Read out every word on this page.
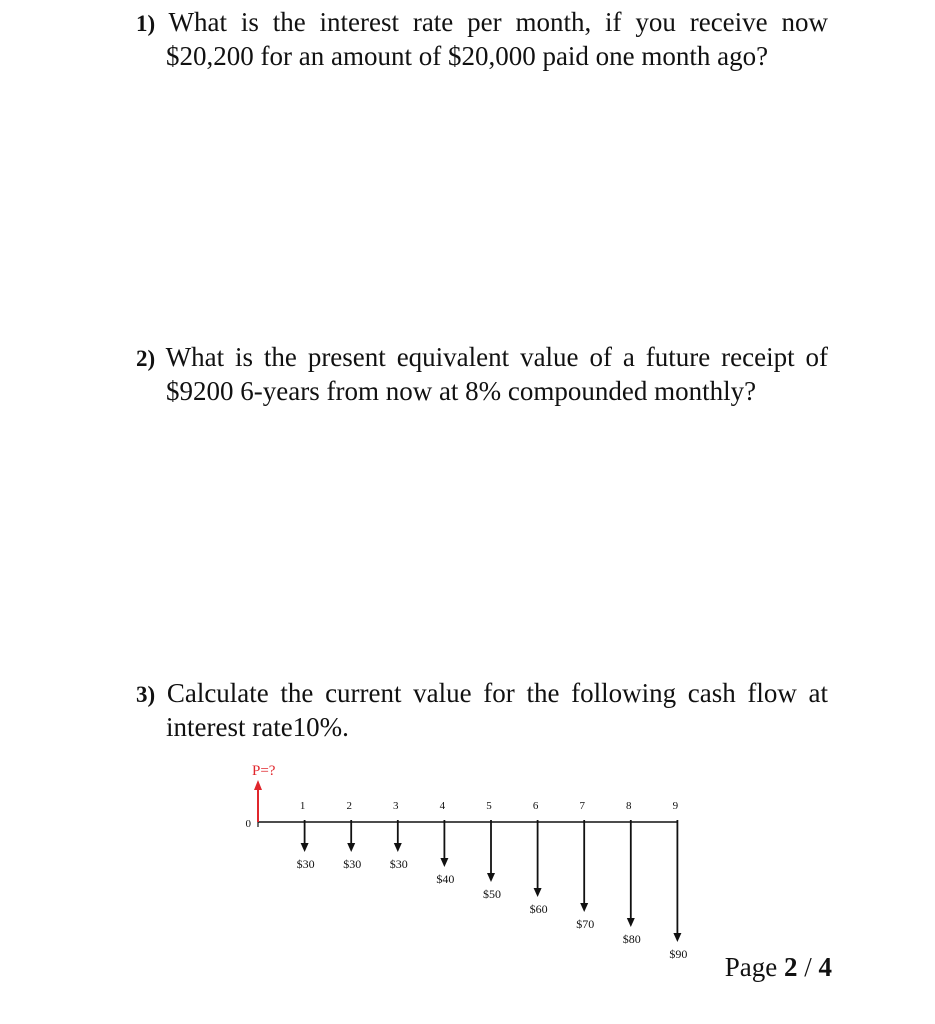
1) What is the interest rate per month, if you receive now
$20,200 for an amount of $20,000 paid one month ago?
2) What is the present equivalent value of a future receipt of
$9200 6-years from now at 8% compounded monthly?
3) Calculate the current value for the following cash flow at
interest rate10%.
0
P=?
1
$30
2
$30
3
$30
4
$40
5
$50
6
$60
7
$70
8
$80
9
$90 Page 2 / 4
